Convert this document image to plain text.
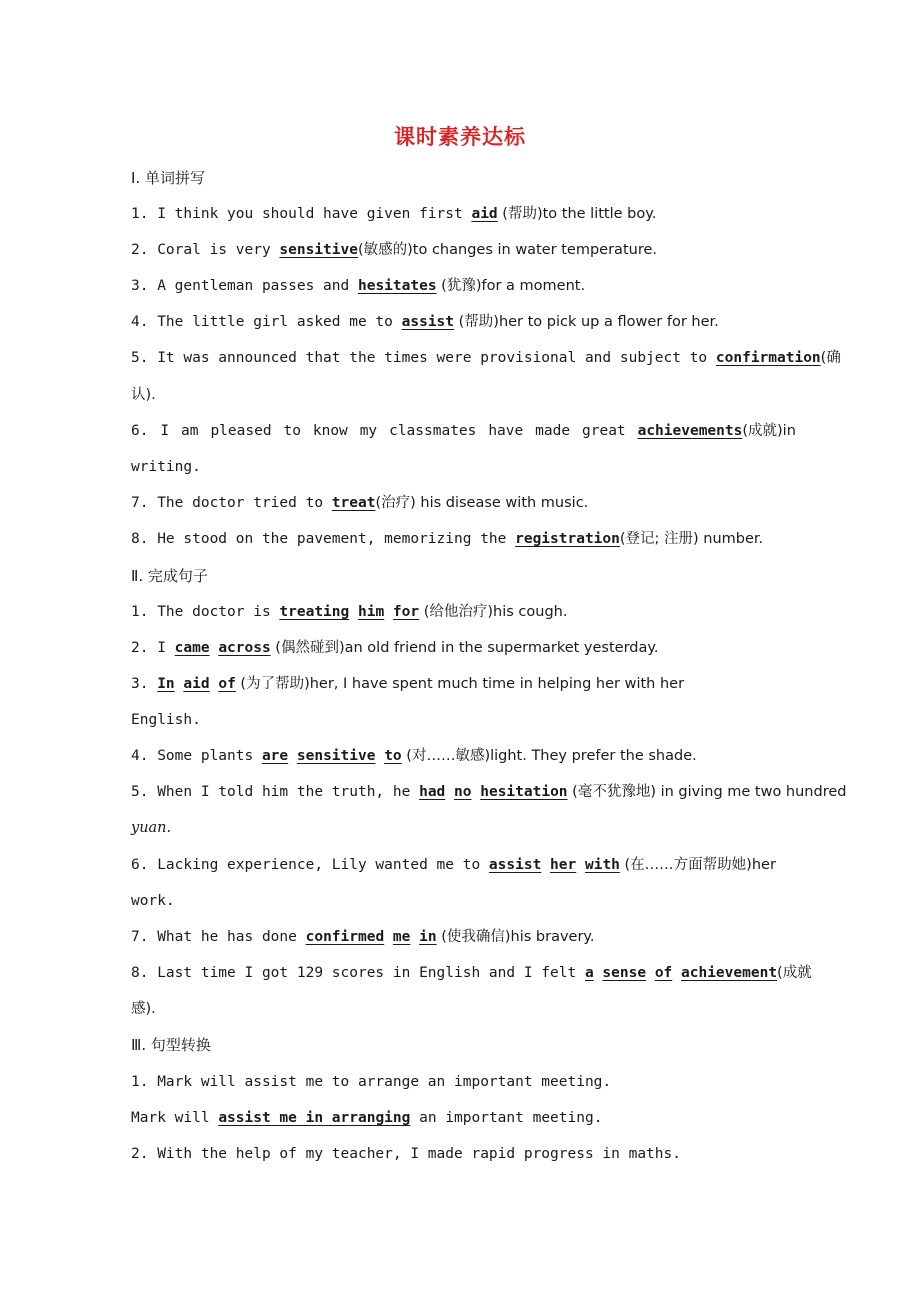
课时素养达标
Ⅰ. 单词拼写
1. I think you should have given first aid (帮助)to the little boy.
2. Coral is very sensitive(敏感的)to changes in water temperature.
3. A gentleman passes and hesitates (犹豫)for a moment.
4. The little girl asked me to assist (帮助)her to pick up a flower for her.
5. It was announced that the times were provisional and subject to confirmation(确
认).
6. I am pleased to know my classmates have made great achievements(成就)in
writing.
7. The doctor tried to treat(治疗) his disease with music.
8. He stood on the pavement, memorizing the registration(登记; 注册) number.
Ⅱ. 完成句子
1. The doctor is treating him for (给他治疗)his cough.
2. I came across (偶然碰到)an old friend in the supermarket yesterday.
3. In aid of (为了帮助)her, I have spent much time in helping her with her
English.
4. Some plants are sensitive to (对……敏感)light. They prefer the shade.
5. When I told him the truth, he had no hesitation (毫不犹豫地) in giving me two hundred
yuan.
6. Lacking experience, Lily wanted me to assist her with (在……方面帮助她)her
work.
7. What he has done confirmed me in (使我确信)his bravery.
8. Last time I got 129 scores in English and I felt a sense of achievement(成就
感).
Ⅲ. 句型转换
1. Mark will assist me to arrange an important meeting.
Mark will assist me in arranging an important meeting.
2. With the help of my teacher, I made rapid progress in maths.
